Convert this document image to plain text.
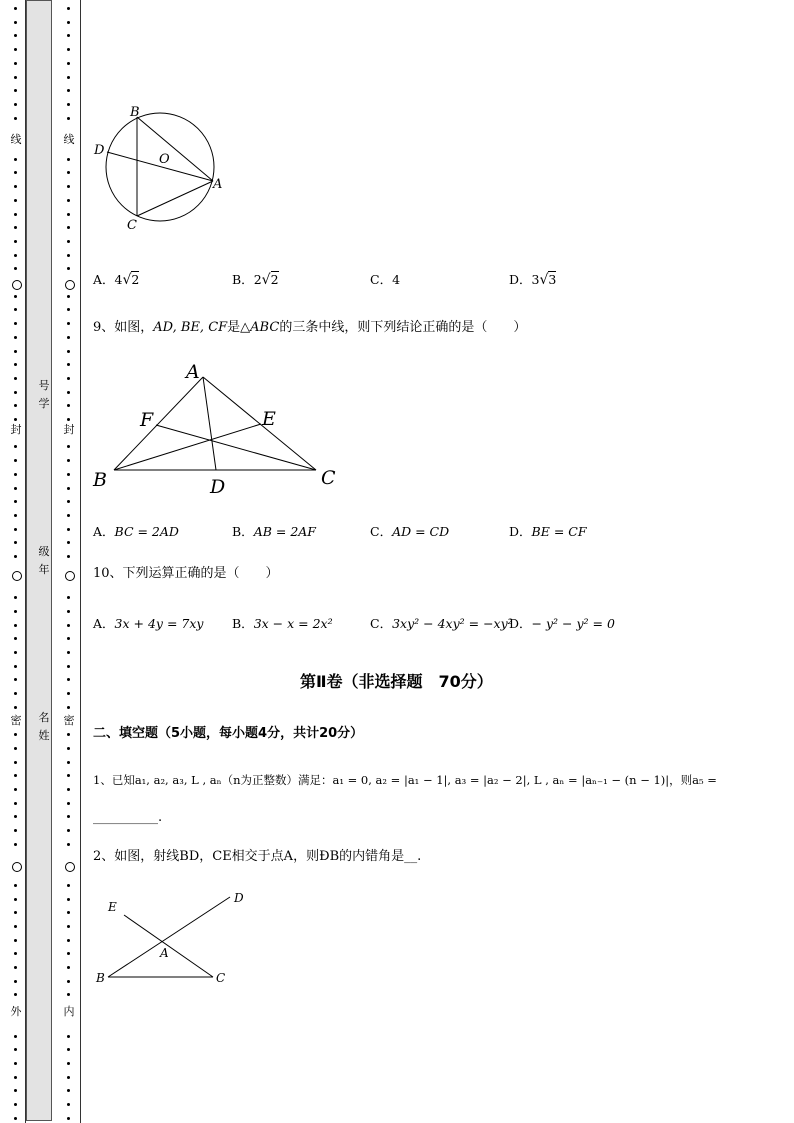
线
封
密
外
线
封
密
内
号
学
级
年
名
姓
B
D
O
A
C
A．4√2	B．2√2	C．4	D．3√3
9、如图，AD, BE, CF是△ABC的三条中线，则下列结论正确的是（　　）
A
F	E
B	D	C
A．BC = 2AD	B．AB = 2AF	C．AD = CD	D．BE = CF
10、下列运算正确的是（　　）
A．3x + 4y = 7xy B．3x − x = 2x²	C．3xy² − 4xy² = −xy²
D．− y² − y² = 0
第Ⅱ卷（非选择题　70分）
二、填空题（5小题，每小题4分，共计20分）
1、已知a₁, a₂, a₃, L , aₙ（n为正整数）满足：a₁ = 0, a₂ = |a₁ − 1|, a₃ = |a₂ − 2|, L , aₙ = |aₙ₋₁ − (n − 1)|，则a₅ =
__________.
2、如图，射线BD，CE相交于点A，则ÐB的内错角是__.
E
D
A
B	C
